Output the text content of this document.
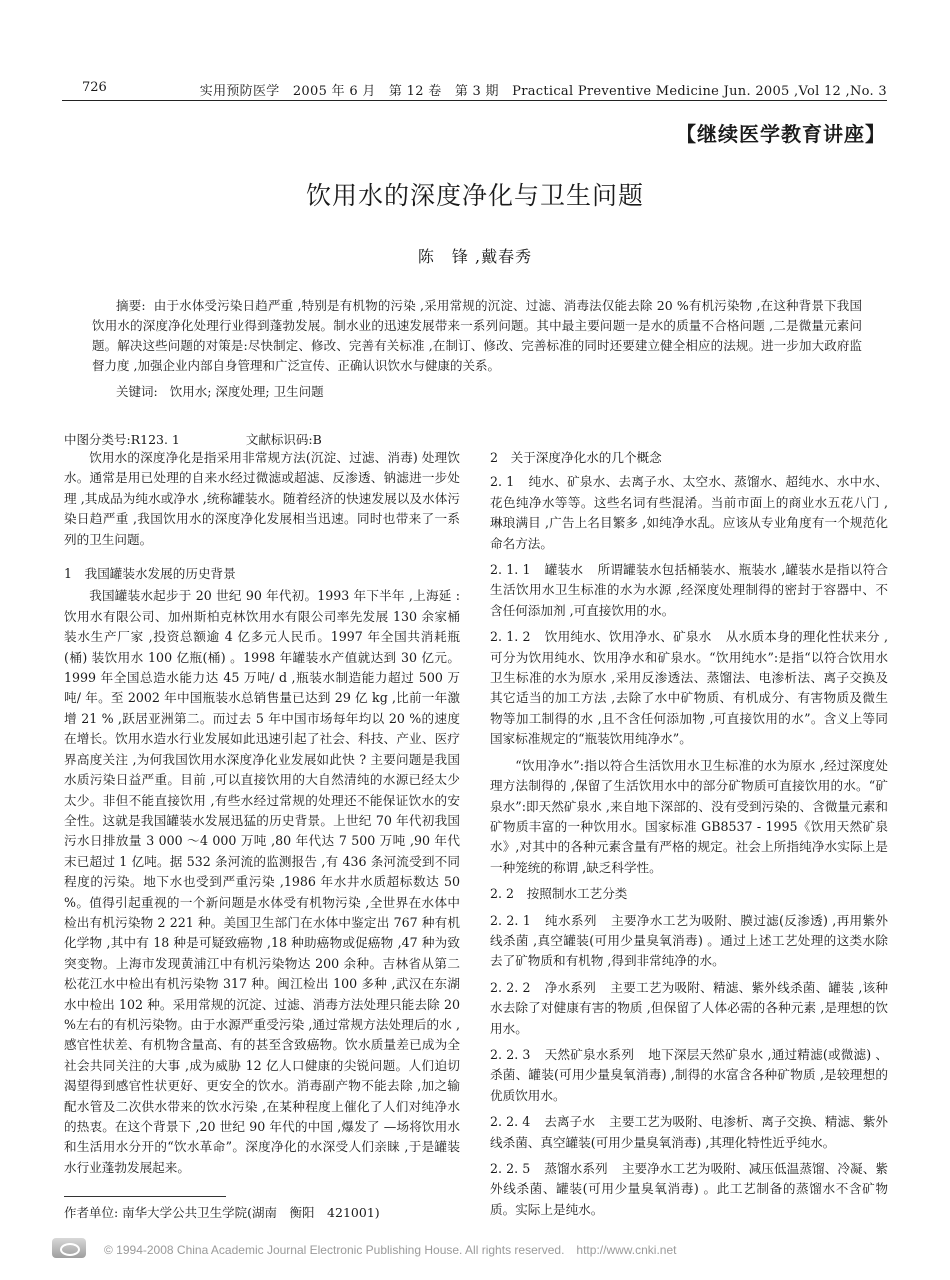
726	实用预防医学　2005 年 6 月　第 12 卷　第 3 期　Practical Preventive Medicine Jun. 2005 ,Vol 12 ,No. 3
【继续医学教育讲座】
饮用水的深度净化与卫生问题
陈　锋 ,戴春秀
摘要: 由于水体受污染日趋严重 ,特别是有机物的污染 ,采用常规的沉淀、过滤、消毒法仅能去除 20 %有机污染物 ,在这种背景下我国饮用水的深度净化处理行业得到蓬勃发展。制水业的迅速发展带来一系列问题。其中最主要问题一是水的质量不合格问题 ,二是微量元素问题。解决这些问题的对策是:尽快制定、修改、完善有关标准 ,在制订、修改、完善标准的同时还要建立健全相应的法规。进一步加大政府监督力度 ,加强企业内部自身管理和广泛宣传、正确认识饮水与健康的关系。
关键词: 饮用水; 深度处理; 卫生问题
中图分类号:R123. 1	文献标识码:B

饮用水的深度净化是指采用非常规方法(沉淀、过滤、消毒) 处理饮水。通常是用已处理的自来水经过微滤或超滤、反渗透、钠滤进一步处理 ,其成品为纯水或净水 ,统称罐装水。随着经济的快速发展以及水体污染日趋严重 ,我国饮用水的深度净化发展相当迅速。同时也带来了一系列的卫生问题。

1　我国罐装水发展的历史背景

我国罐装水起步于 20 世纪 90 年代初。1993 年下半年 ,上海延 :饮用水有限公司、加州斯柏克林饮用水有限公司率先发展 130 余家桶装水生产厂家 ,投资总额逾 4 亿多元人民币。1997 年全国共消耗瓶(桶) 装饮用水 100 亿瓶(桶) 。1998 年罐装水产值就达到 30 亿元。1999 年全国总造水能力达 45 万吨/ d ,瓶装水制造能力超过 500 万吨/ 年。至 2002 年中国瓶装水总销售量已达到 29 亿 kg ,比前一年激增 21 % ,跃居亚洲第二。而过去 5 年中国市场每年均以 20 %的速度在增长。饮用水造水行业发展如此迅速引起了社会、科技、产业、医疗界高度关注 ,为何我国饮用水深度净化业发展如此快 ? 主要问题是我国水质污染日益严重。目前 ,可以直接饮用的大自然清纯的水源已经太少太少。非但不能直接饮用 ,有些水经过常规的处理还不能保证饮水的安全性。这就是我国罐装水发展迅猛的历史背景。上世纪 70 年代初我国污水日排放量 3 000 ～4 000 万吨 ,80 年代达 7 500 万吨 ,90 年代末已超过 1 亿吨。据 532 条河流的监测报告 ,有 436 条河流受到不同程度的污染。地下水也受到严重污染 ,1986 年水井水质超标数达 50 %。值得引起重视的一个新问题是水体受有机物污染 ,全世界在水体中检出有机污染物 2 221 种。美国卫生部门在水体中鉴定出 767 种有机化学物 ,其中有 18 种是可疑致癌物 ,18 种助癌物或促癌物 ,47 种为致突变物。上海市发现黄浦江中有机污染物达 200 余种。吉林省从第二松花江水中检出有机污染物 317 种。闽江检出 100 多种 ,武汉在东湖水中检出 102 种。采用常规的沉淀、过滤、消毒方法处理只能去除 20 %左右的有机污染物。由于水源严重受污染 ,通过常规方法处理后的水 ,感官性状差、有机物含量高、有的甚至含致癌物。饮水质量差已成为全社会共同关注的大事 ,成为威胁 12 亿人口健康的尖锐问题。人们迫切渴望得到感官性状更好、更安全的饮水。消毒副产物不能去除 ,加之输配水管及二次供水带来的饮水污染 ,在某种程度上催化了人们对纯净水的热衷。在这个背景下 ,20 世纪 90 年代的中国 ,爆发了 —场将饮用水和生活用水分开的“饮水革命”。深度净化的水深受人们亲睐 ,于是罐装水行业蓬勃发展起来。

2　关于深度净化水的几个概念

2. 1 纯水、矿泉水、去离子水、太空水、蒸馏水、超纯水、水中水、花色纯净水等等。这些名词有些混淆。当前市面上的商业水五花八门 ,琳琅满目 ,广告上名目繁多 ,如纯净水乱。应该从专业角度有一个规范化命名方法。

2. 1. 1 罐装水 所谓罐装水包括桶装水、瓶装水 ,罐装水是指以符合生活饮用水卫生标准的水为水源 ,经深度处理制得的密封于容器中、不含任何添加剂 ,可直接饮用的水。

2. 1. 2 饮用纯水、饮用净水、矿泉水 从水质本身的理化性状来分 ,可分为饮用纯水、饮用净水和矿泉水。“饮用纯水”:是指“以符合饮用水卫生标准的水为原水 ,采用反渗透法、蒸馏法、电渗析法、离子交换及其它适当的加工方法 ,去除了水中矿物质、有机成分、有害物质及微生物等加工制得的水 ,且不含任何添加物 ,可直接饮用的水”。含义上等同国家标准规定的“瓶装饮用纯净水”。

“饮用净水”:指以符合生活饮用水卫生标准的水为原水 ,经过深度处理方法制得的 ,保留了生活饮用水中的部分矿物质可直接饮用的水。“矿泉水”:即天然矿泉水 ,来自地下深部的、没有受到污染的、含微量元素和矿物质丰富的一种饮用水。国家标准 GB8537 - 1995《饮用天然矿泉水》,对其中的各种元素含量有严格的规定。社会上所指纯净水实际上是一种笼统的称谓 ,缺乏科学性。

2. 2　按照制水工艺分类

2. 2. 1 纯水系列 主要净水工艺为吸附、膜过滤(反渗透) ,再用紫外线杀菌 ,真空罐装(可用少量臭氧消毒) 。通过上述工艺处理的这类水除去了矿物质和有机物 ,得到非常纯净的水。

2. 2. 2 净水系列 主要工艺为吸附、精滤、紫外线杀菌、罐装 ,该种水去除了对健康有害的物质 ,但保留了人体必需的各种元素 ,是理想的饮用水。

2. 2. 3 天然矿泉水系列 地下深层天然矿泉水 ,通过精滤(或微滤) 、杀菌、罐装(可用少量臭氧消毒) ,制得的水富含各种矿物质 ,是较理想的优质饮用水。

2. 2. 4 去离子水 主要工艺为吸附、电渗析、离子交换、精滤、紫外线杀菌、真空罐装(可用少量臭氧消毒) ,其理化特性近乎纯水。

2. 2. 5 蒸馏水系列 主要净水工艺为吸附、减压低温蒸馏、冷凝、紫外线杀菌、罐装(可用少量臭氧消毒) 。此工艺制备的蒸馏水不含矿物质。实际上是纯水。

作者单位: 南华大学公共卫生学院(湖南　衡阳　421001)
© 1994-2008 China Academic Journal Electronic Publishing House. All rights reserved.　http://www.cnki.net
